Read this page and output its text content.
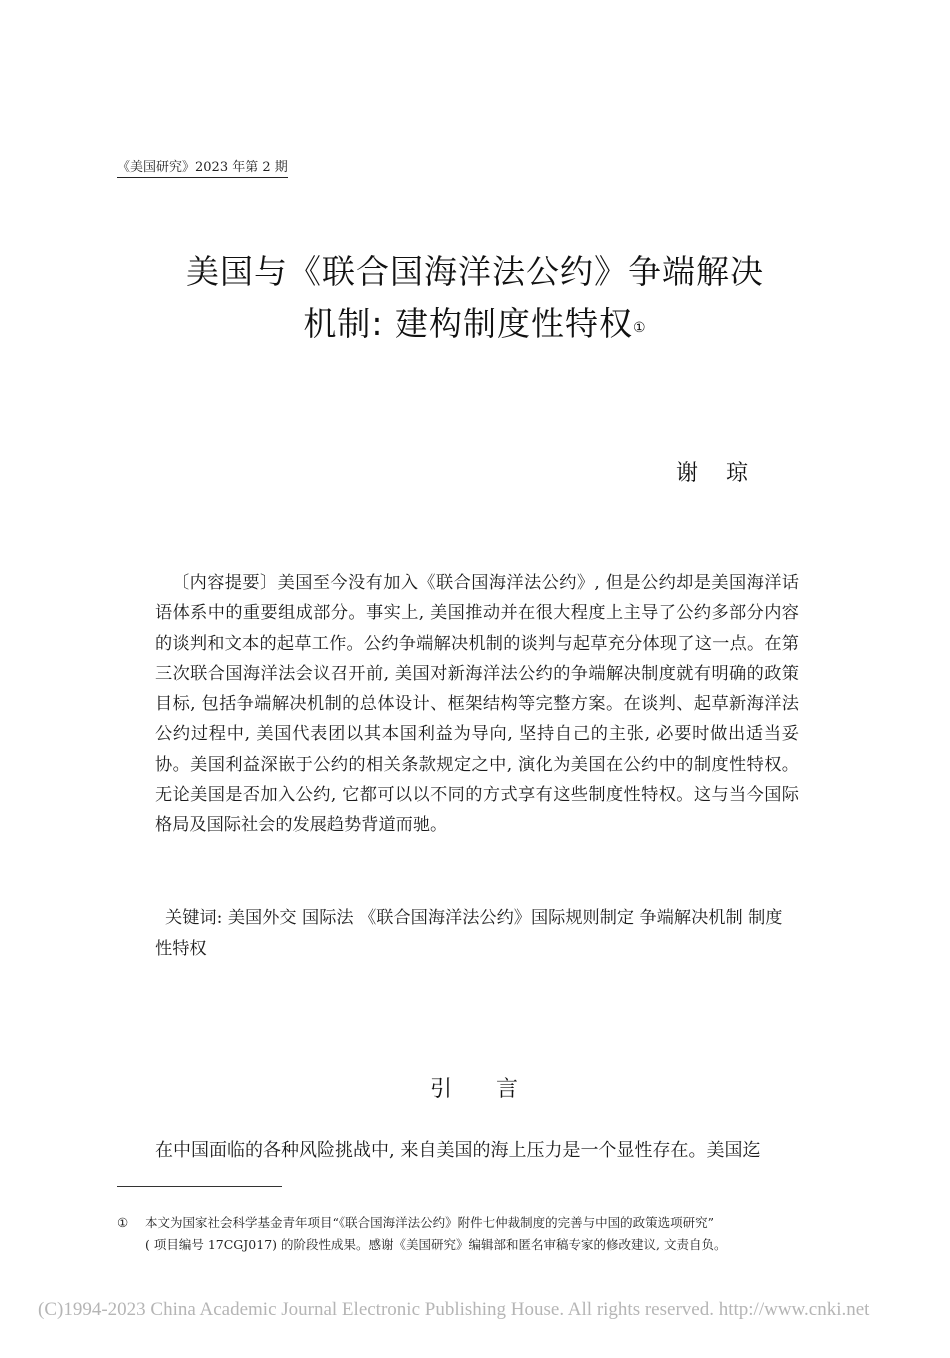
《美国研究》2023 年第 2 期
美国与《联合国海洋法公约》争端解决
机制: 建构制度性特权①
谢琼
〔内容提要〕美国至今没有加入《联合国海洋法公约》, 但是公约却是美国海洋话语体系中的重要组成部分。事实上, 美国推动并在很大程度上主导了公约多部分内容的谈判和文本的起草工作。公约争端解决机制的谈判与起草充分体现了这一点。在第三次联合国海洋法会议召开前, 美国对新海洋法公约的争端解决制度就有明确的政策目标, 包括争端解决机制的总体设计、框架结构等完整方案。在谈判、起草新海洋法公约过程中, 美国代表团以其本国利益为导向, 坚持自己的主张, 必要时做出适当妥协。美国利益深嵌于公约的相关条款规定之中, 演化为美国在公约中的制度性特权。无论美国是否加入公约, 它都可以以不同的方式享有这些制度性特权。这与当今国际格局及国际社会的发展趋势背道而驰。
关键词: 美国外交 国际法 《联合国海洋法公约》国际规则制定 争端解决机制 制度性特权
引言
在中国面临的各种风险挑战中, 来自美国的海上压力是一个显性存在。美国迄
① 本文为国家社会科学基金青年项目“《联合国海洋法公约》附件七仲裁制度的完善与中国的政策选项研究”
( 项目编号 17CGJ017) 的阶段性成果。感谢《美国研究》编辑部和匿名审稿专家的修改建议, 文责自负。
(C)1994-2023 China Academic Journal Electronic Publishing House. All rights reserved. http://www.cnki.net
